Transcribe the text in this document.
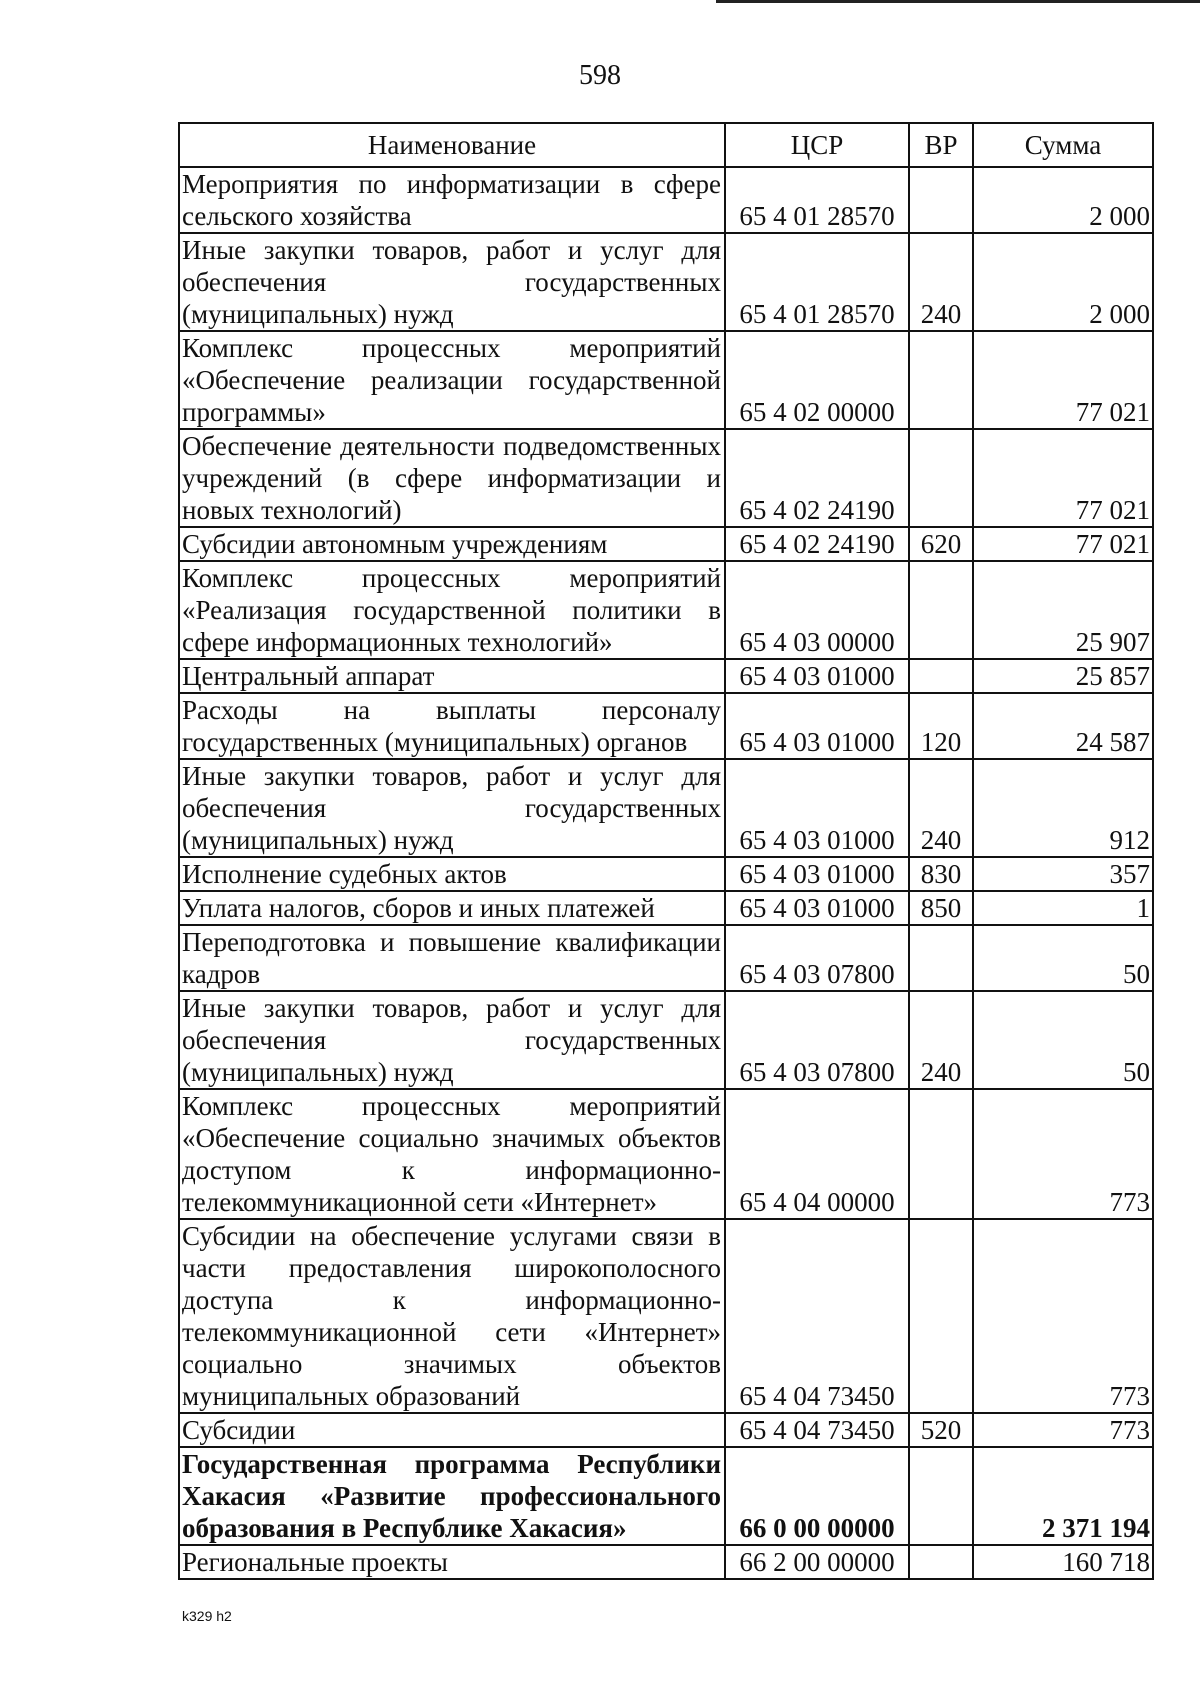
598
Наименование	ЦСР	ВР	Сумма
Мероприятия по информатизации в сфере сельского хозяйства	65 4 01 28570		2 000
Иные закупки товаров, работ и услуг для обеспечения государственных (муниципальных) нужд	65 4 01 28570	240	2 000
Комплекс процессных мероприятий «Обеспечение реализации государственной программы»	65 4 02 00000		77 021
Обеспечение деятельности подведомственных учреждений (в сфере информатизации и новых технологий)	65 4 02 24190		77 021
Субсидии автономным учреждениям	65 4 02 24190	620	77 021
Комплекс процессных мероприятий «Реализация государственной политики в сфере информационных технологий»	65 4 03 00000		25 907
Центральный аппарат	65 4 03 01000		25 857
Расходы на выплаты персоналу государственных (муниципальных) органов	65 4 03 01000	120	24 587
Иные закупки товаров, работ и услуг для обеспечения государственных (муниципальных) нужд	65 4 03 01000	240	912
Исполнение судебных актов	65 4 03 01000	830	357
Уплата налогов, сборов и иных платежей	65 4 03 01000	850	1
Переподготовка и повышение квалификации кадров	65 4 03 07800		50
Иные закупки товаров, работ и услуг для обеспечения государственных (муниципальных) нужд	65 4 03 07800	240	50
Комплекс процессных мероприятий «Обеспечение социально значимых объектов доступом к информационно-телекоммуникационной сети «Интернет»	65 4 04 00000		773
Субсидии на обеспечение услугами связи в части предоставления широкополосного доступа к информационно-телекоммуникационной сети «Интернет» социально значимых объектов муниципальных образований	65 4 04 73450		773
Субсидии	65 4 04 73450	520	773
Государственная программа Республики Хакасия «Развитие профессионального образования в Республике Хакасия»	66 0 00 00000		2 371 194
Региональные проекты	66 2 00 00000		160 718
k329 h2
